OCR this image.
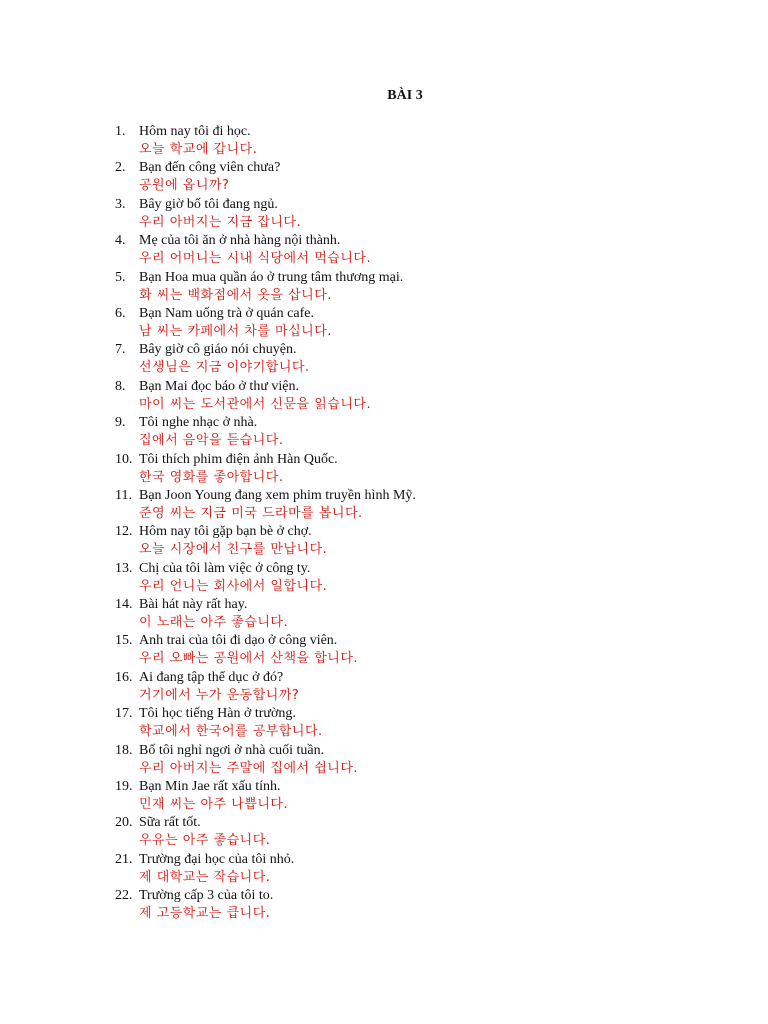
BÀI 3
1. Hôm nay tôi đi học.
오늘 학교에 갑니다.
2. Bạn đến công viên chưa?
공원에 옵니까?
3. Bây giờ bố tôi đang ngủ.
우리 아버지는 지금 잡니다.
4. Mẹ của tôi ăn ở nhà hàng nội thành.
우리 어머니는 시내 식당에서 먹습니다.
5. Bạn Hoa mua quần áo ở trung tâm thương mại.
화 씨는 백화점에서 옷을 삽니다.
6. Bạn Nam uống trà ở quán cafe.
남 씨는 카페에서 차를 마십니다.
7. Bây giờ cô giáo nói chuyện.
선생님은 지금 이야기합니다.
8. Bạn Mai đọc báo ở thư viện.
마이 씨는 도서관에서 신문을 읽습니다.
9. Tôi nghe nhạc ở nhà.
집에서 음악을 듣습니다.
10. Tôi thích phim điện ảnh Hàn Quốc.
한국 영화를 좋아합니다.
11. Bạn Joon Young đang xem phim truyền hình Mỹ.
준영 씨는 지금 미국 드라마를 봅니다.
12. Hôm nay tôi gặp bạn bè ở chợ.
오늘 시장에서 친구를 만납니다.
13. Chị của tôi làm việc ở công ty.
우리 언니는 회사에서 일합니다.
14. Bài hát này rất hay.
이 노래는 아주 좋습니다.
15. Anh trai của tôi đi dạo ở công viên.
우리 오빠는 공원에서 산책을 합니다.
16. Ai đang tập thể dục ở đó?
거기에서 누가 운동합니까?
17. Tôi học tiếng Hàn ở trường.
학교에서 한국어를 공부합니다.
18. Bố tôi nghỉ ngơi ở nhà cuối tuần.
우리 아버지는 주말에 집에서 쉽니다.
19. Bạn Min Jae rất xấu tính.
민재 씨는 아주 나쁩니다.
20. Sữa rất tốt.
우유는 아주 좋습니다.
21. Trường đại học của tôi nhỏ.
제 대학교는 작습니다.
22. Trường cấp 3 của tôi to.
제 고등학교는 큽니다.
